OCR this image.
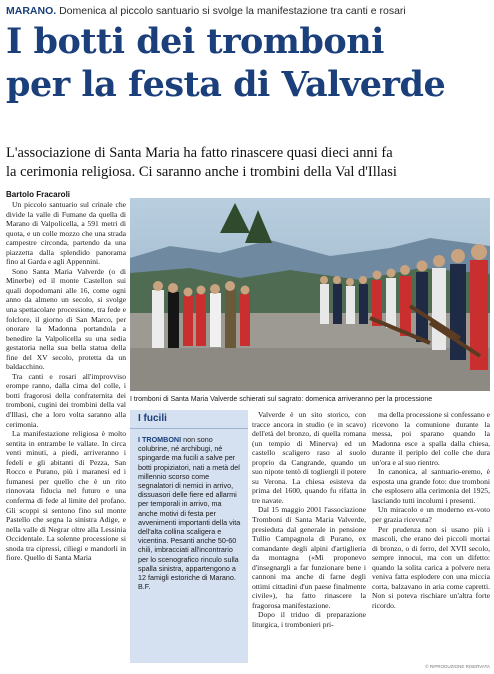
MARANO. Domenica al piccolo santuario si svolge la manifestazione tra canti e rosari
I botti dei tromboni
per la festa di Valverde
L'associazione di Santa Maria ha fatto rinascere quasi dieci anni fa
la cerimonia religiosa. Ci saranno anche i trombini della Val d'Illasi
Bartolo Fracaroli

Un piccolo santuario sul crinale che divide la valle di Fumane da quella di Marano di Valpolicella, a 591 metri di quota, e un colle mozzo che una strada campestre circonda, partendo da una piazzetta dalla splendido panorama fino al Garda e agli Appennini.

Sono Santa Maria Valverde (o di Minerbe) ed il monte Castellon sui quali dopodomani alle 16, come ogni anno da almeno un secolo, si svolge una spettacolare processione, tra fede e folclore, il giorno di San Marco, per onorare la Madonna portandola a benedire la Valpolicella su una sedia gestatoria nella sua bella statua della fine del XV secolo, protetta da un baldacchino.

Tra canti e rosari all'improvviso erompe ranno, dalla cima del colle, i botti fragorosi della confraternita dei tromboni, cugini dei trombini della val d'Illasi, che a loro volta saranno alla cerimonia.

La manifestazione religiosa è molto sentita in entrambe le vallate. In circa venti minuti, a piedi, arriveranno i fedeli e gli abitanti di Pezza, San Rocco e Purano, più i maranesi ed i fumanesi per quello che è un rito rinnovata fiducia nel futuro e una conferma di fede al limite del profano. Gli scoppi si sentono fino sul monte Pastello che segna la sinistra Adige, e nella valle di Negrar oltre alla Lessinia Occidentale. La solenne processione si snoda tra cipressi, ciliegi e mandorli in fiore. Quello di Santa Maria

I tromboni di Santa Maria Valverde schierati sul sagrato: domenica arriveranno per la processione
I fucili
I TROMBONI non sono colubrine, né archibugi, né spingarde ma fucili a salve per botti propiziatori, nati a metà del millennio scorso come segnalatori di nemici in arrivo, dissuasori delle fiere ed allarmi per temporali in arrivo, ma anche motivi di festa per avvenimenti importanti della vita dell'alta collina scaligera e vicentina. Pesanti anche 50-60 chili, imbracciati all'incontrario per lo scenografico rinculo sulla spalla sinistra, appartengono a 12 famigli estoriche di Marano. B.F.

Valverde è un sito storico, con tracce ancora in studio (e in scavo) dell'età del bronzo, di quella romana (un tempio di Minerva) ed un castello scaligero raso al suolo proprio da Cangrande, quando un suo nipote tentò di togliergli il potere su Verona. La chiesa esisteva da prima del 1600, quando fu rifatta in tre navate.

Dal 15 maggio 2001 l'associazione Tromboni di Santa Maria Valverde, presieduta dal generale in pensione Tullio Campagnola di Purano, ex comandante degli alpini d'artiglieria da montagna («Mi proponevo d'insegnargli a far funzionare bene i cannoni ma anche di farne degli ottimi cittadini d'un paese finalmente civile»), ha fatto rinascere la fragorosa manifestazione.

Dopo il triduo di preparazione liturgica, i trombonieri pri-

ma della processione si confessano e ricevono la comunione durante la messa, poi sparano quando la Madonna esce a spalla dalla chiesa, durante il periplo del colle che dura un'ora e al suo rientro.

In canonica, al santuario-eremo, è esposta una grande foto: due tromboni che esplosero alla cerimonia del 1925, lasciando tutti incolumi i presenti.

Un miracolo e un moderno ex-voto per grazia ricevuta?

Per prudenza non si usano più i mascoli, che erano dei piccoli mortai di bronzo, o di ferro, del XVII secolo, sempre innocui, ma con un difetto: quando la solita carica a polvere nera veniva fatta esplodere con una miccia corta, balzavano in aria come caprettі. Non si poteva rischiare un'altra forte ricordo.

© RIPRODUZIONE RISERVATA
